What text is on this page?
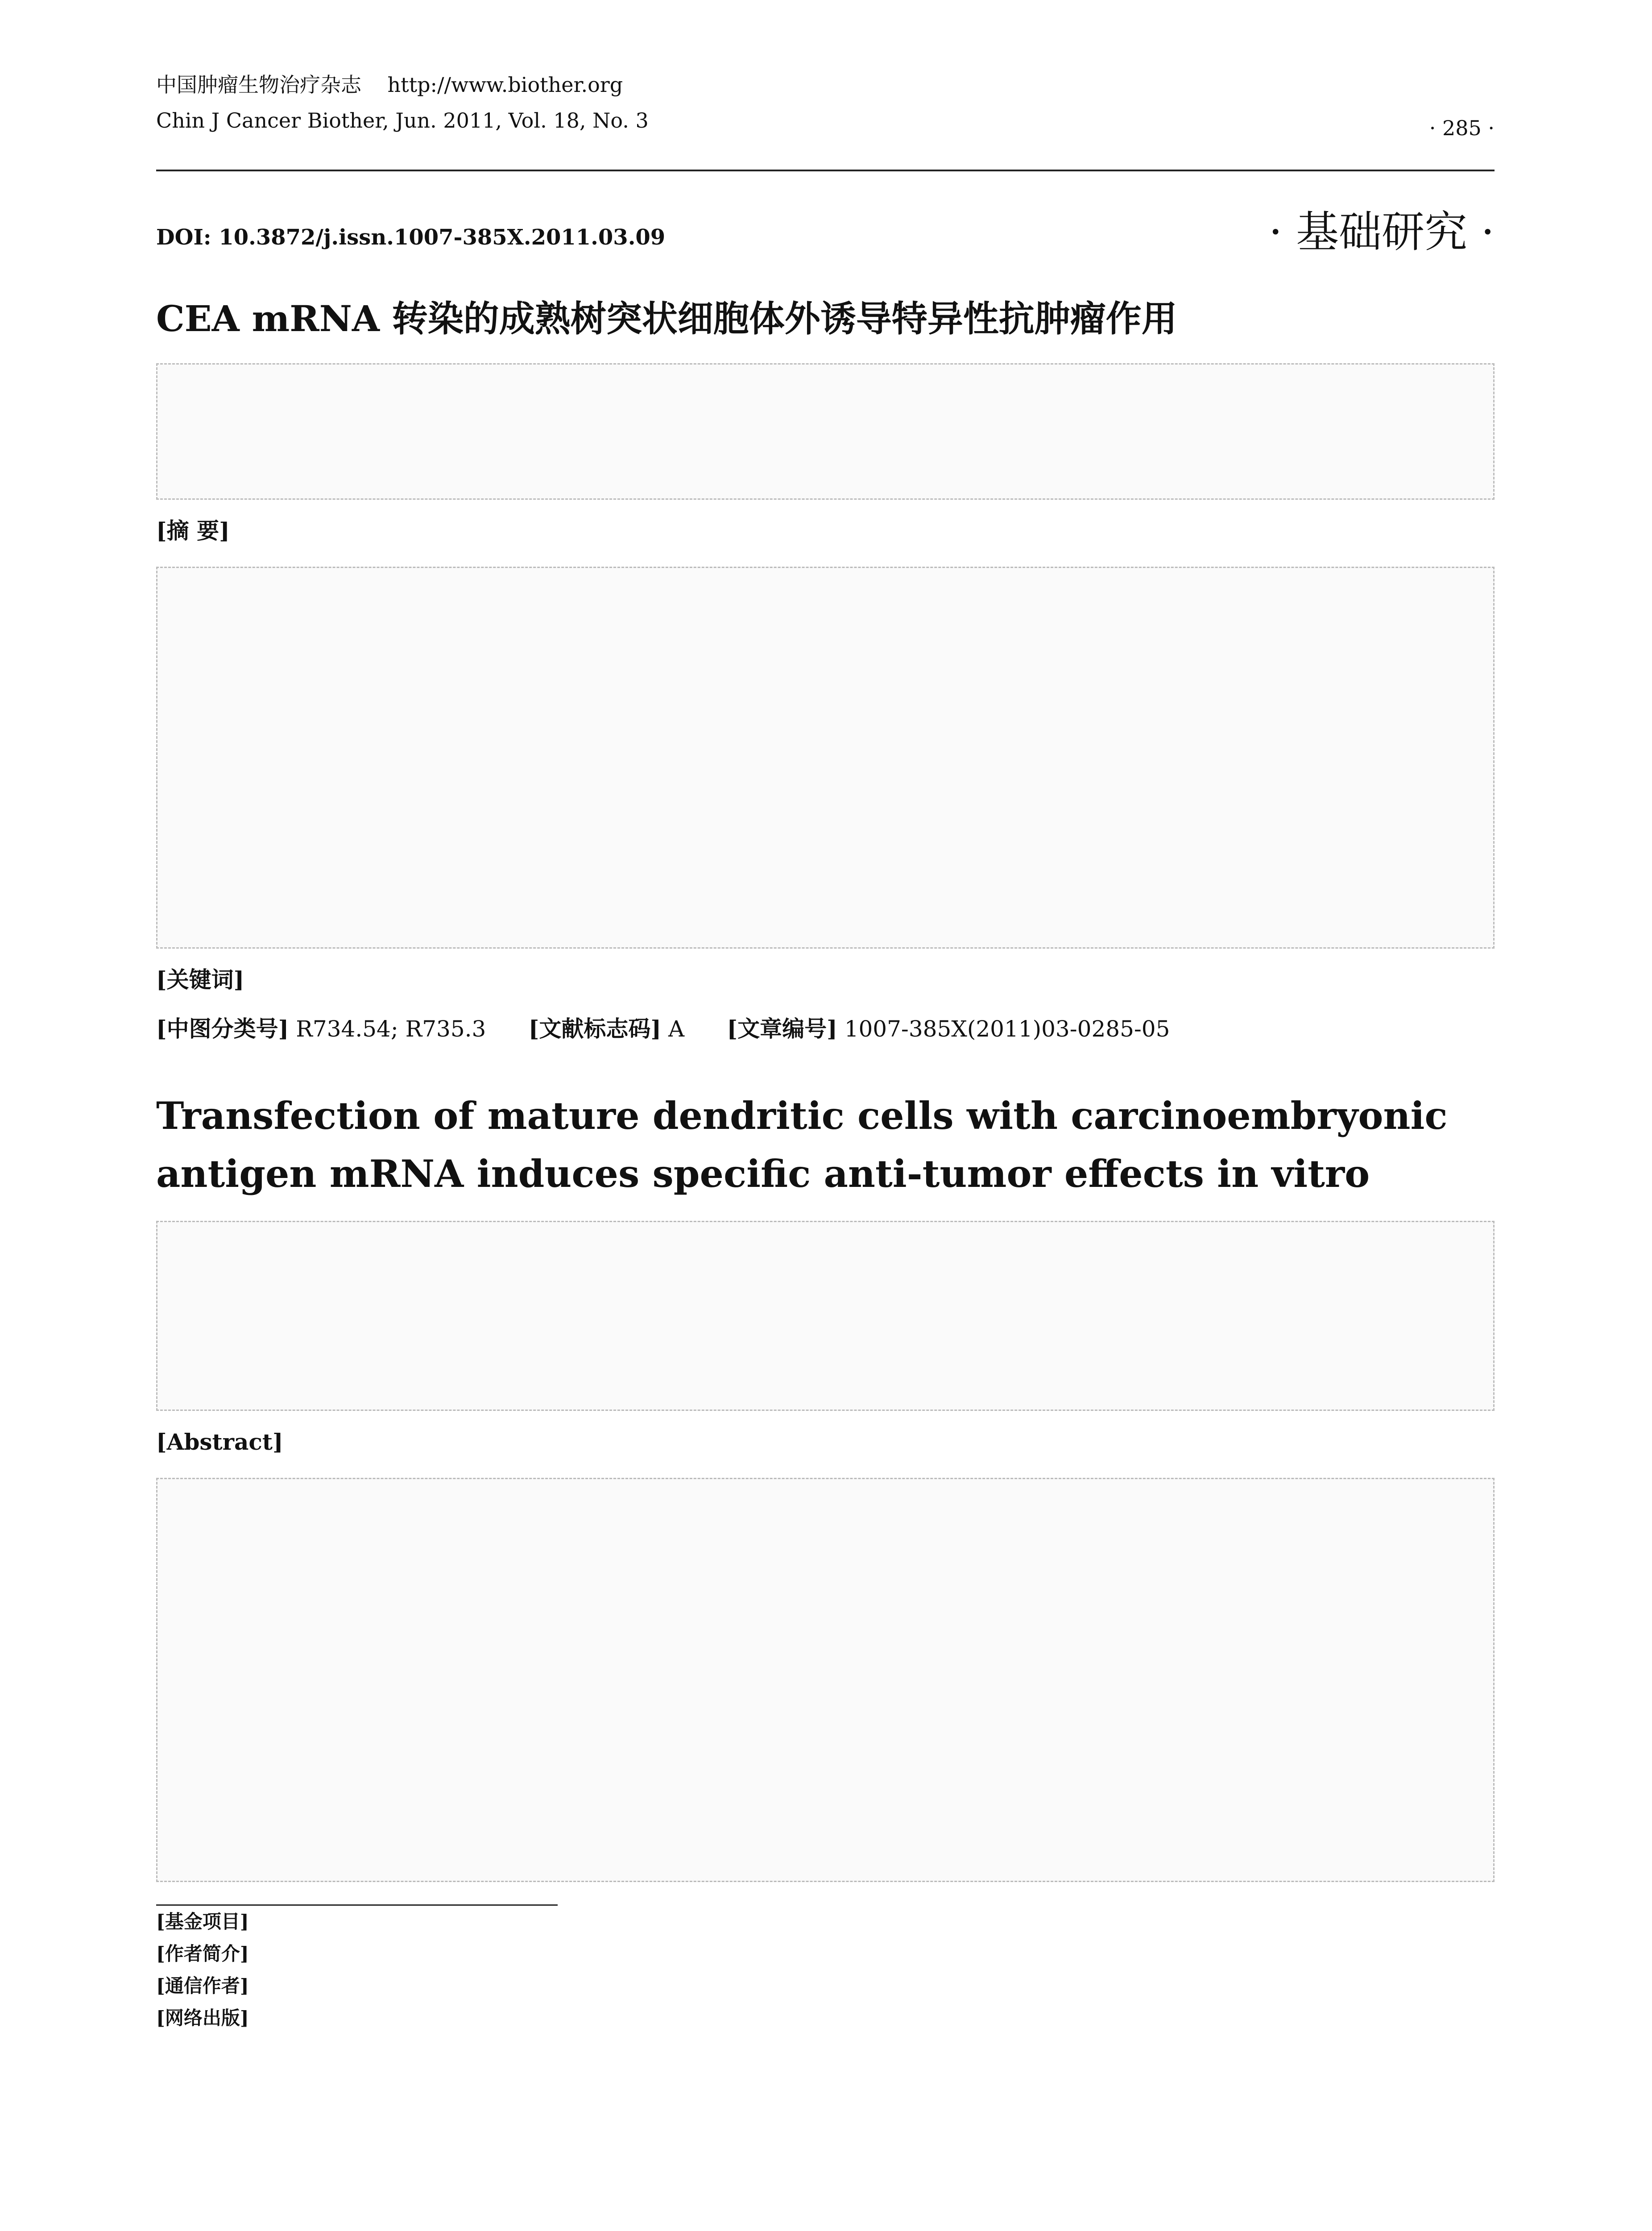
中国肿瘤生物治疗杂志 http://www.biother.org
Chin J Cancer Biother, Jun. 2011, Vol. 18, No. 3	· 285 ·
DOI: 10.3872/j.issn.1007-385X.2011.03.09	· 基础研究 ·
CEA mRNA 转染的成熟树突状细胞体外诱导特异性抗肿瘤作用
[摘 要]
[关键词]
[中图分类号] R734.54; R735.3 [文献标志码] A [文章编号] 1007-385X(2011)03-0285-05
Transfection of mature dendritic cells with carcinoembryonic antigen mRNA induces specific anti-tumor effects in vitro
[Abstract]
[基金项目]
[作者简介]
[通信作者]
[网络出版]
